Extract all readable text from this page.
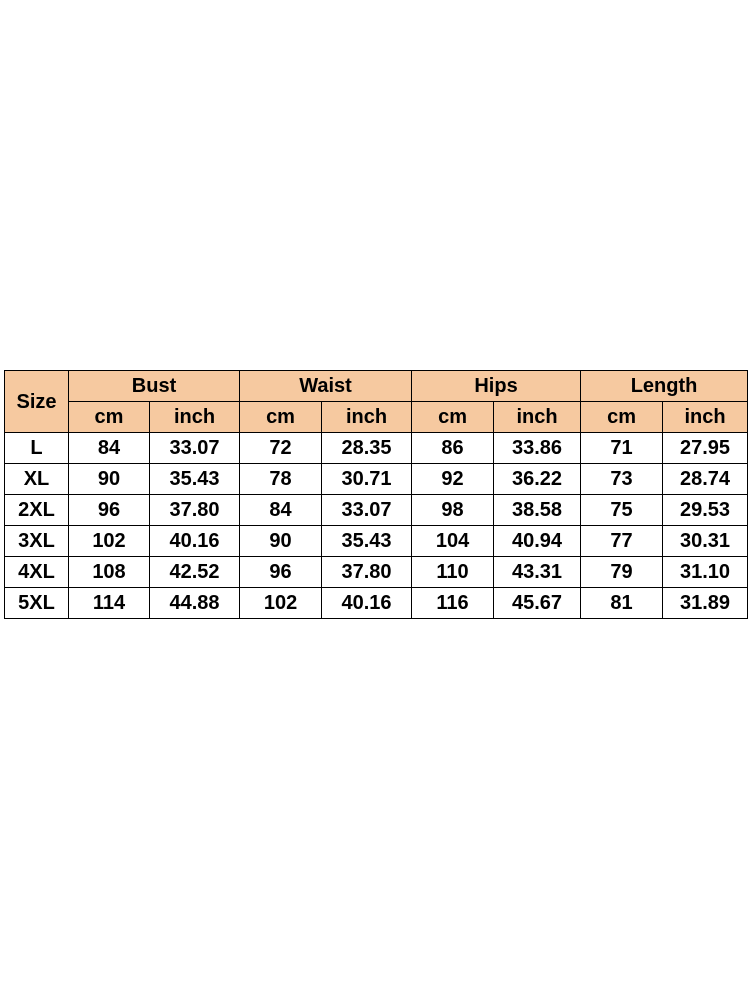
Size	Bust		Waist		Hips		Length	
	cm	inch	cm	inch	cm	inch	cm	inch
L	84	33.07	72	28.35	86	33.86	71	27.95
XL	90	35.43	78	30.71	92	36.22	73	28.74
2XL	96	37.80	84	33.07	98	38.58	75	29.53
3XL	102	40.16	90	35.43	104	40.94	77	30.31
4XL	108	42.52	96	37.80	110	43.31	79	31.10
5XL	114	44.88	102	40.16	116	45.67	81	31.89
